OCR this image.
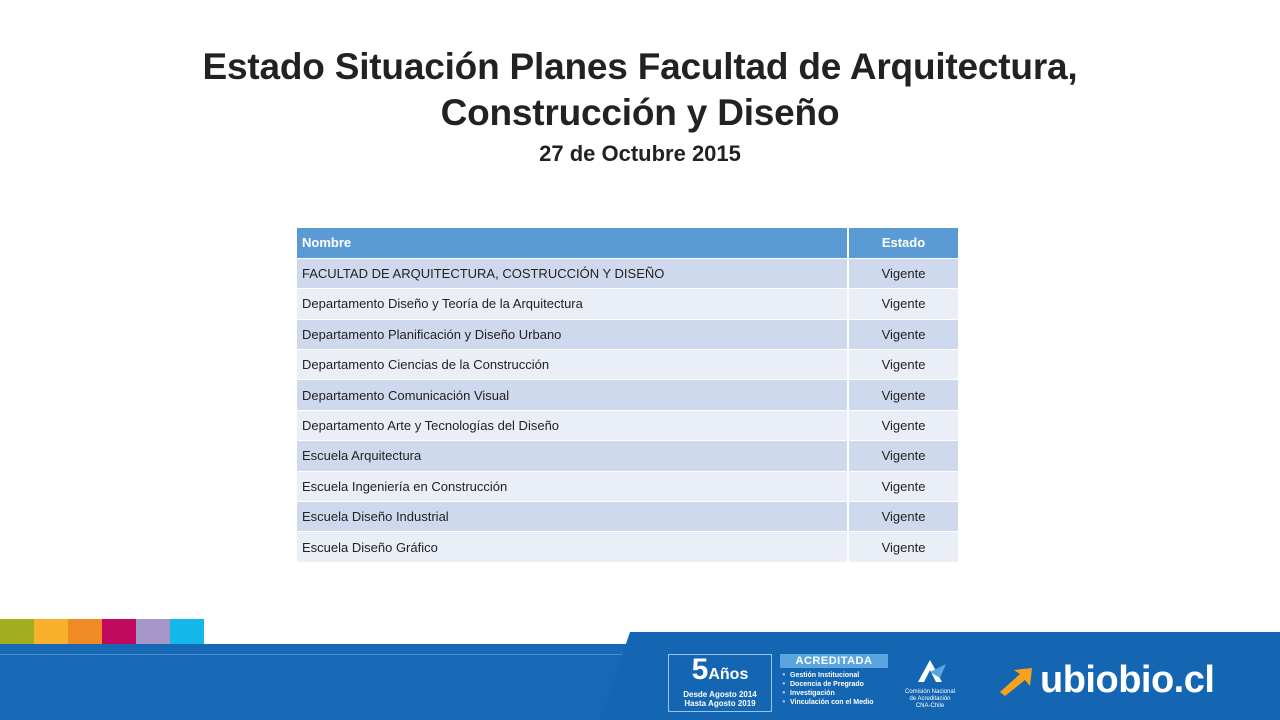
Estado Situación Planes Facultad de Arquitectura,
Construcción y Diseño
27 de Octubre 2015
Nombre	Estado
FACULTAD DE ARQUITECTURA, COSTRUCCIÓN Y DISEÑO	Vigente
Departamento Diseño y Teoría de la Arquitectura	Vigente
Departamento Planificación y Diseño Urbano	Vigente
Departamento Ciencias de la Construcción	Vigente
Departamento Comunicación Visual	Vigente
Departamento Arte y Tecnologías del Diseño	Vigente
Escuela Arquitectura	Vigente
Escuela Ingeniería en Construcción	Vigente
Escuela Diseño Industrial	Vigente
Escuela Diseño Gráfico	Vigente
5Años
Desde Agosto 2014
Hasta Agosto 2019
ACREDITADA
● Gestión Institucional
● Docencia de Pregrado
● Investigación
● Vinculación con el Medio
Comisión Nacional
de Acreditación
CNA-Chile
ubiobio.cl
